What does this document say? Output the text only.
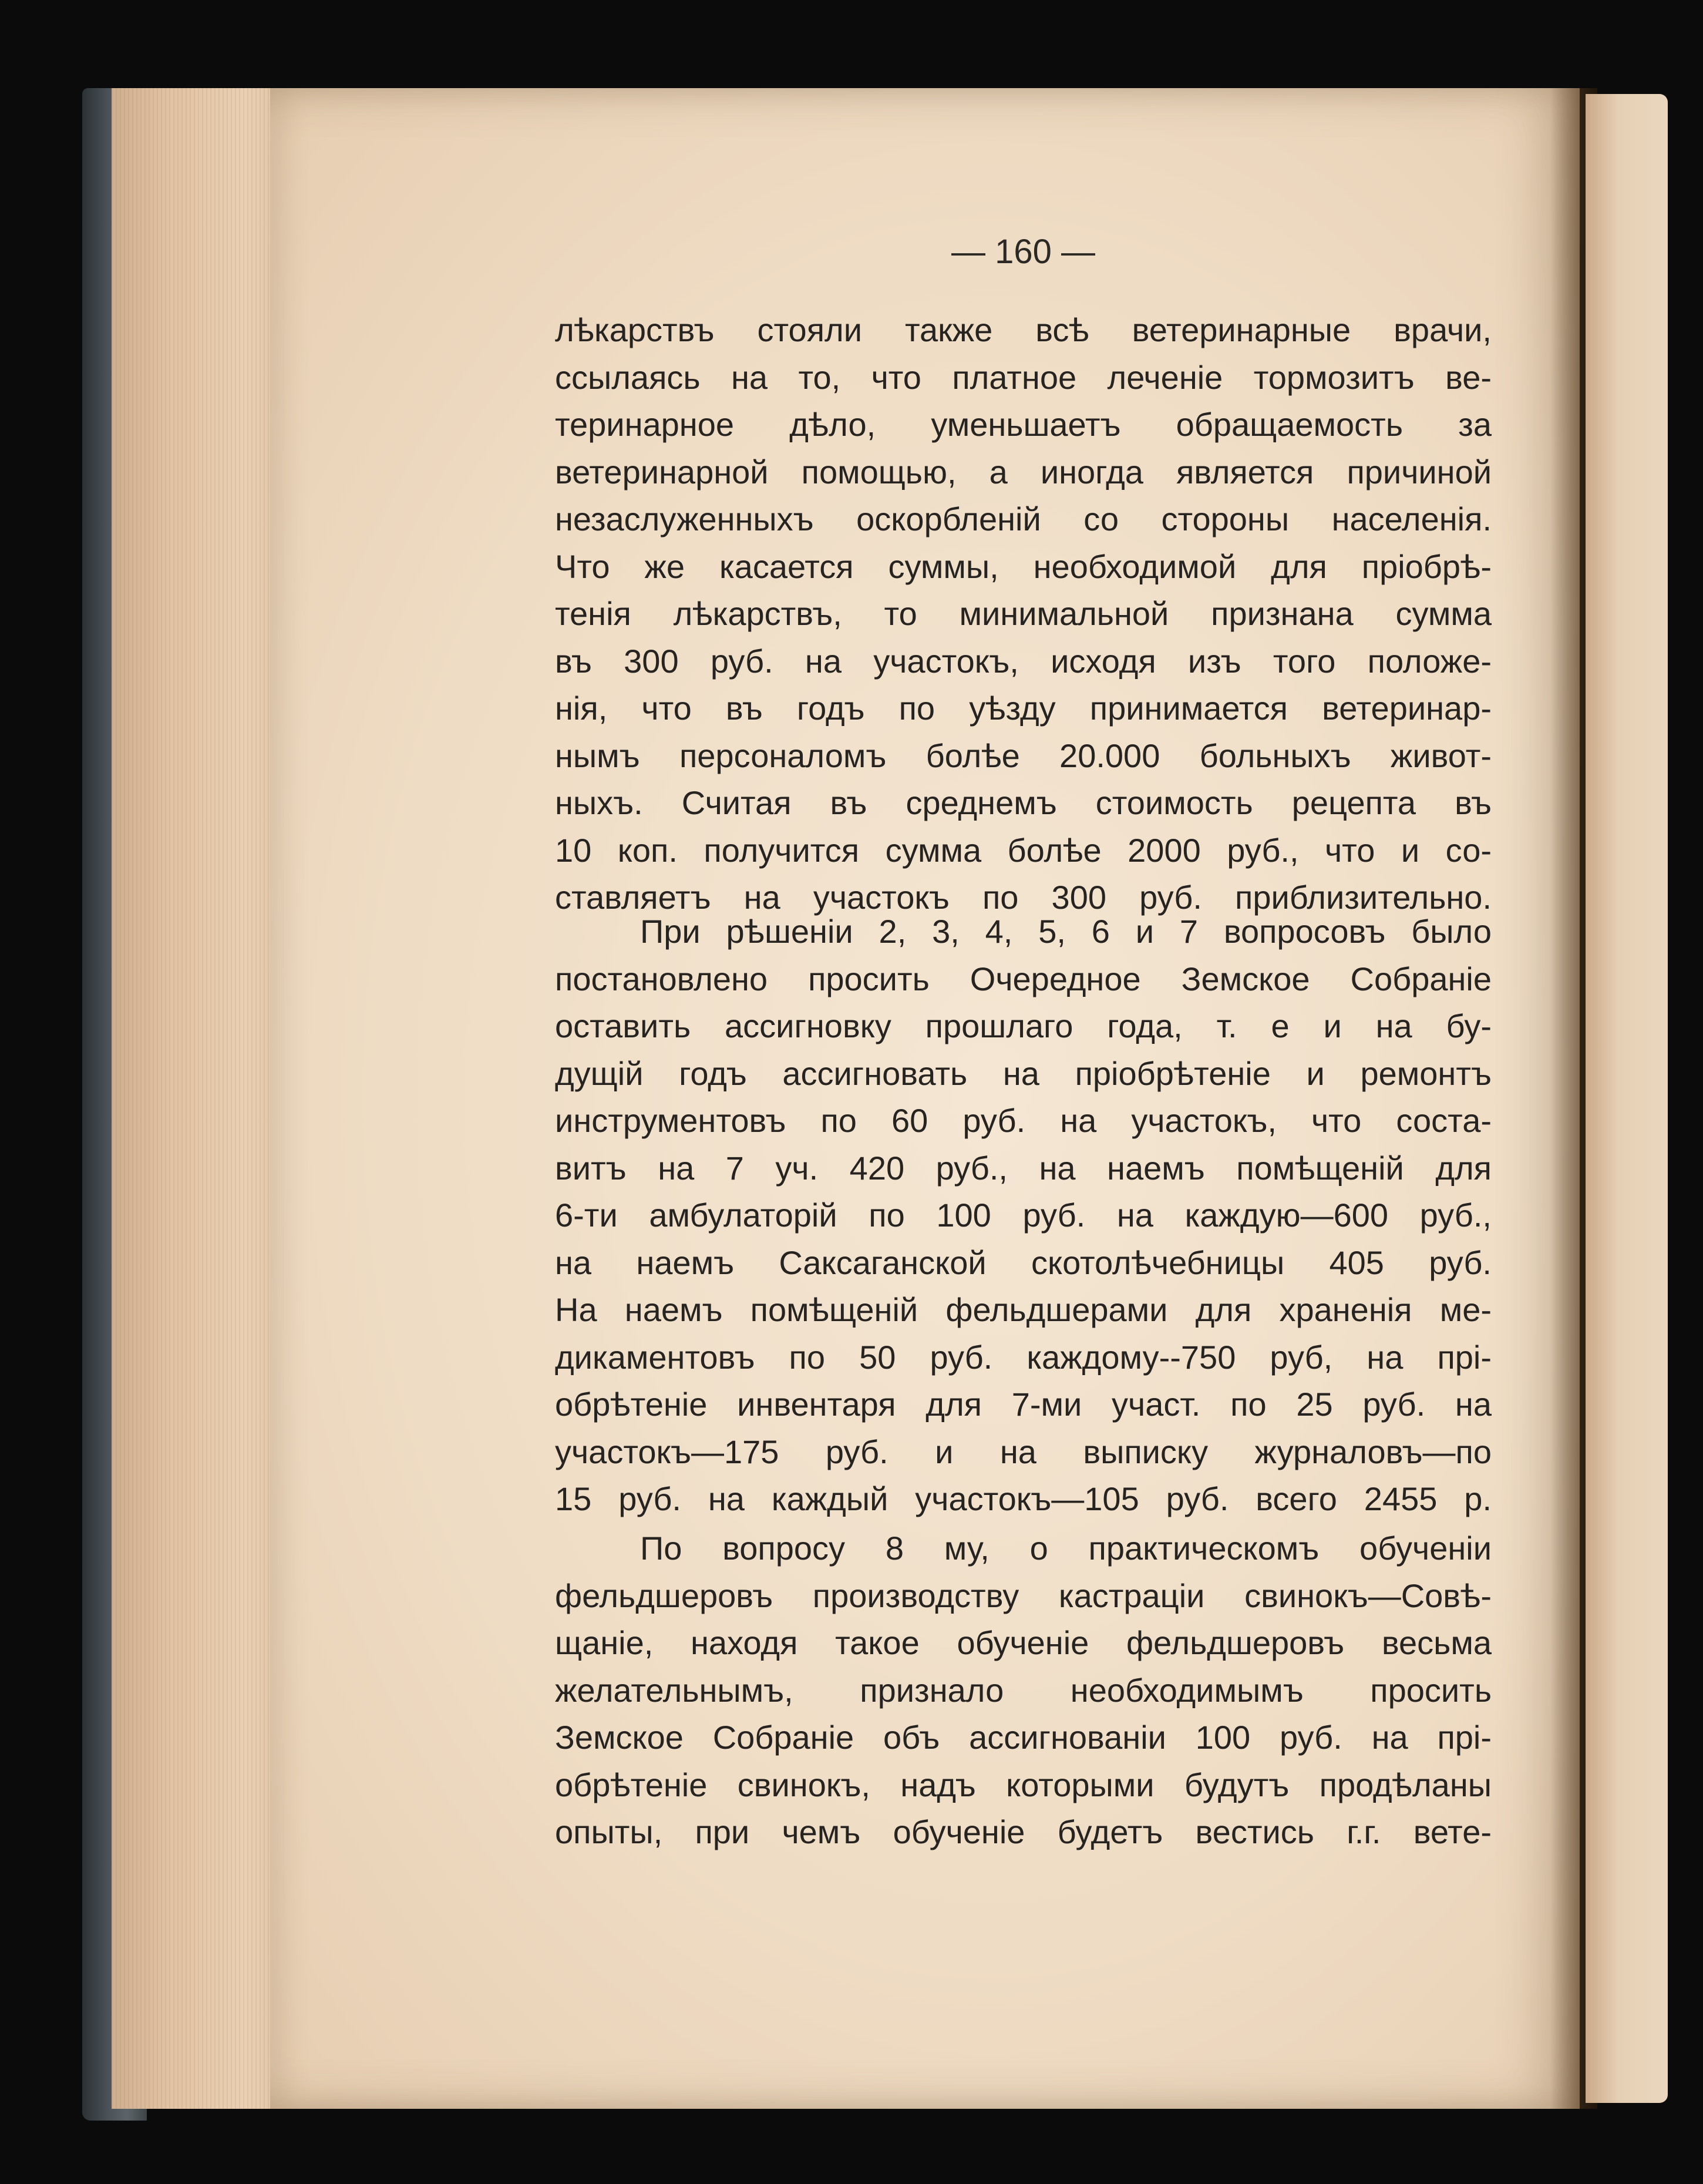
— 160 —
лѣкарствъ стояли также всѣ ветеринарные врачи,
ссылаясь на то, что платное леченіе тормозитъ ве-
теринарное дѣло, уменьшаетъ обращаемость за
ветеринарной помощью, а иногда является причиной
незаслуженныхъ оскорбленій со стороны населенія.
Что же касается суммы, необходимой для пріобрѣ-
тенія лѣкарствъ, то минимальной признана сумма
въ 300 руб. на участокъ, исходя изъ того положе-
нія, что въ годъ по уѣзду принимается ветеринар-
нымъ персоналомъ болѣе 20.000 больныхъ живот-
ныхъ. Считая въ среднемъ стоимость рецепта въ
10 коп. получится сумма болѣе 2000 руб., что и со-
ставляетъ на участокъ по 300 руб. приблизительно.
При рѣшеніи 2, 3, 4, 5, 6 и 7 вопросовъ было
постановлено просить Очередное Земское Собраніе
оставить ассигновку прошлаго года, т. е и на бу-
дущій годъ ассигновать на пріобрѣтеніе и ремонтъ
инструментовъ по 60 руб. на участокъ, что соста-
витъ на 7 уч. 420 руб., на наемъ помѣщеній для
6-ти амбулаторій по 100 руб. на каждую—600 руб.,
на наемъ Саксаганской скотолѣчебницы 405 руб.
На наемъ помѣщеній фельдшерами для храненія ме-
дикаментовъ по 50 руб. каждому--750 руб, на прі-
обрѣтеніе инвентаря для 7-ми участ. по 25 руб. на
участокъ—175 руб. и на выписку журналовъ—по
15 руб. на каждый участокъ—105 руб. всего 2455 р.
По вопросу 8 му, о практическомъ обученіи
фельдшеровъ производству кастраціи свинокъ—Совѣ-
щаніе, находя такое обученіе фельдшеровъ весьма
желательнымъ, признало необходимымъ просить
Земское Собраніе объ ассигнованіи 100 руб. на прі-
обрѣтеніе свинокъ, надъ которыми будутъ продѣланы
опыты, при чемъ обученіе будетъ вестись г.г. вете-
